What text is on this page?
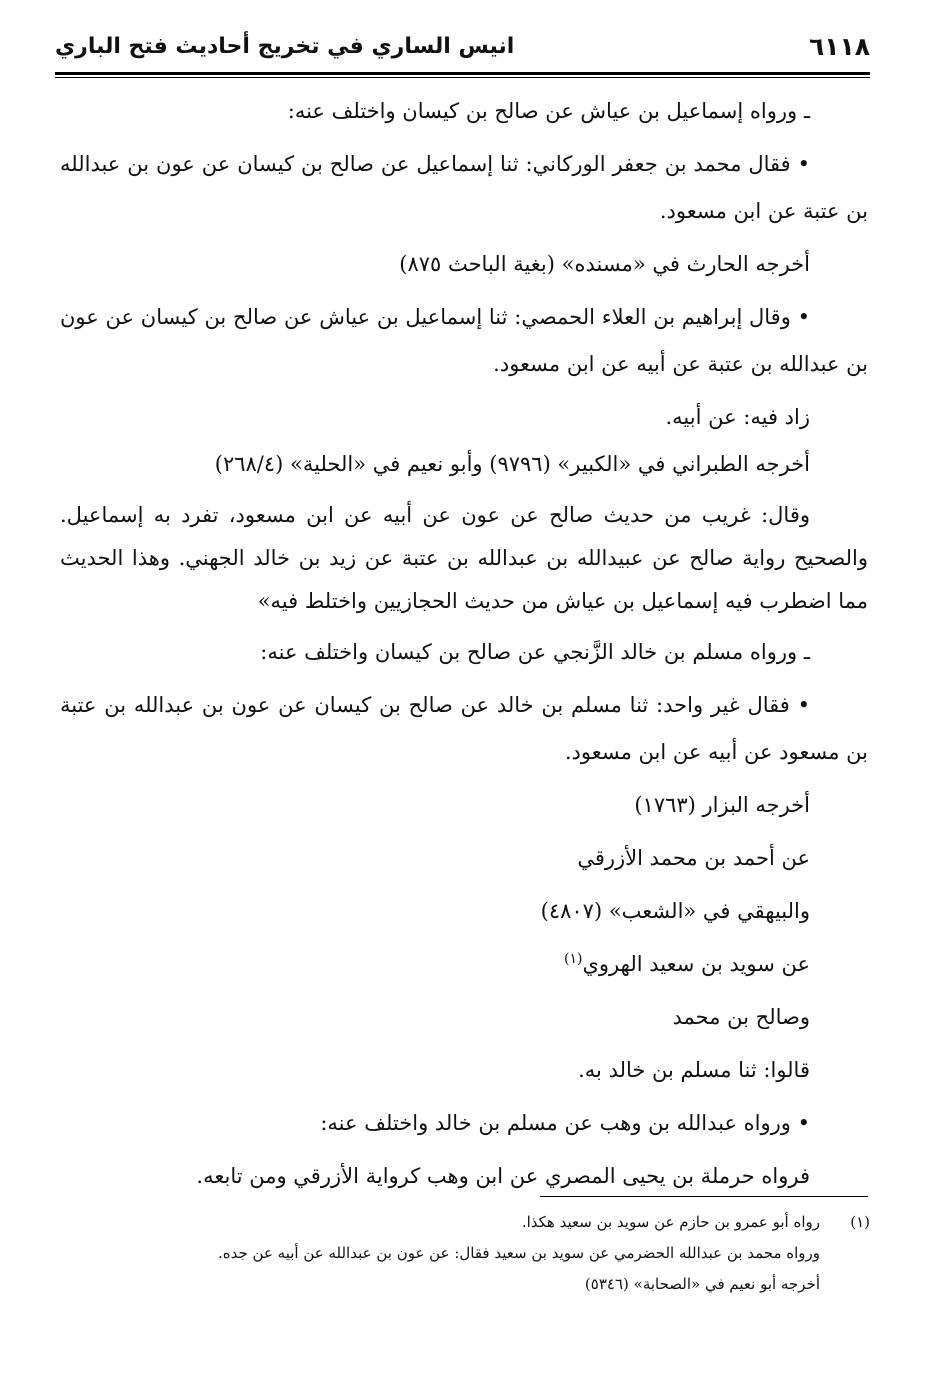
انيس الساري في تخريج أحاديث فتح الباري	٦١١٨

ـ ورواه إسماعيل بن عياش عن صالح بن كيسان واختلف عنه:

• فقال محمد بن جعفر الوركاني: ثنا إسماعيل عن صالح بن كيسان عن عون بن عبدالله بن عتبة عن ابن مسعود.

أخرجه الحارث في «مسنده» (بغية الباحث ٨٧٥)

• وقال إبراهيم بن العلاء الحمصي: ثنا إسماعيل بن عياش عن صالح بن كيسان عن عون بن عبدالله بن عتبة عن أبيه عن ابن مسعود.

زاد فيه: عن أبيه.

أخرجه الطبراني في «الكبير» (٩٧٩٦) وأبو نعيم في «الحلية» (٢٦٨/٤)

وقال: غريب من حديث صالح عن عون عن أبيه عن ابن مسعود، تفرد به إسماعيل. والصحيح رواية صالح عن عبيدالله بن عبدالله بن عتبة عن زيد بن خالد الجهني. وهذا الحديث مما اضطرب فيه إسماعيل بن عياش من حديث الحجازيين واختلط فيه»

ـ ورواه مسلم بن خالد الزَّنجي عن صالح بن كيسان واختلف عنه:

• فقال غير واحد: ثنا مسلم بن خالد عن صالح بن كيسان عن عون بن عبدالله بن عتبة بن مسعود عن أبيه عن ابن مسعود.

أخرجه البزار (١٧٦٣)

عن أحمد بن محمد الأزرقي

والبيهقي في «الشعب» (٤٨٠٧)

عن سويد بن سعيد الهروي$^{(١)}$

وصالح بن محمد

قالوا: ثنا مسلم بن خالد به.

• ورواه عبدالله بن وهب عن مسلم بن خالد واختلف عنه:

فرواه حرملة بن يحيى المصري عن ابن وهب كرواية الأزرقي ومن تابعه.

(١)رواه أبو عمرو بن حازم عن سويد بن سعيد هكذا.

ورواه محمد بن عبدالله الحضرمي عن سويد بن سعيد فقال: عن عون بن عبدالله عن أبيه عن جده.

أخرجه أبو نعيم في «الصحابة» (٥٣٤٦)
